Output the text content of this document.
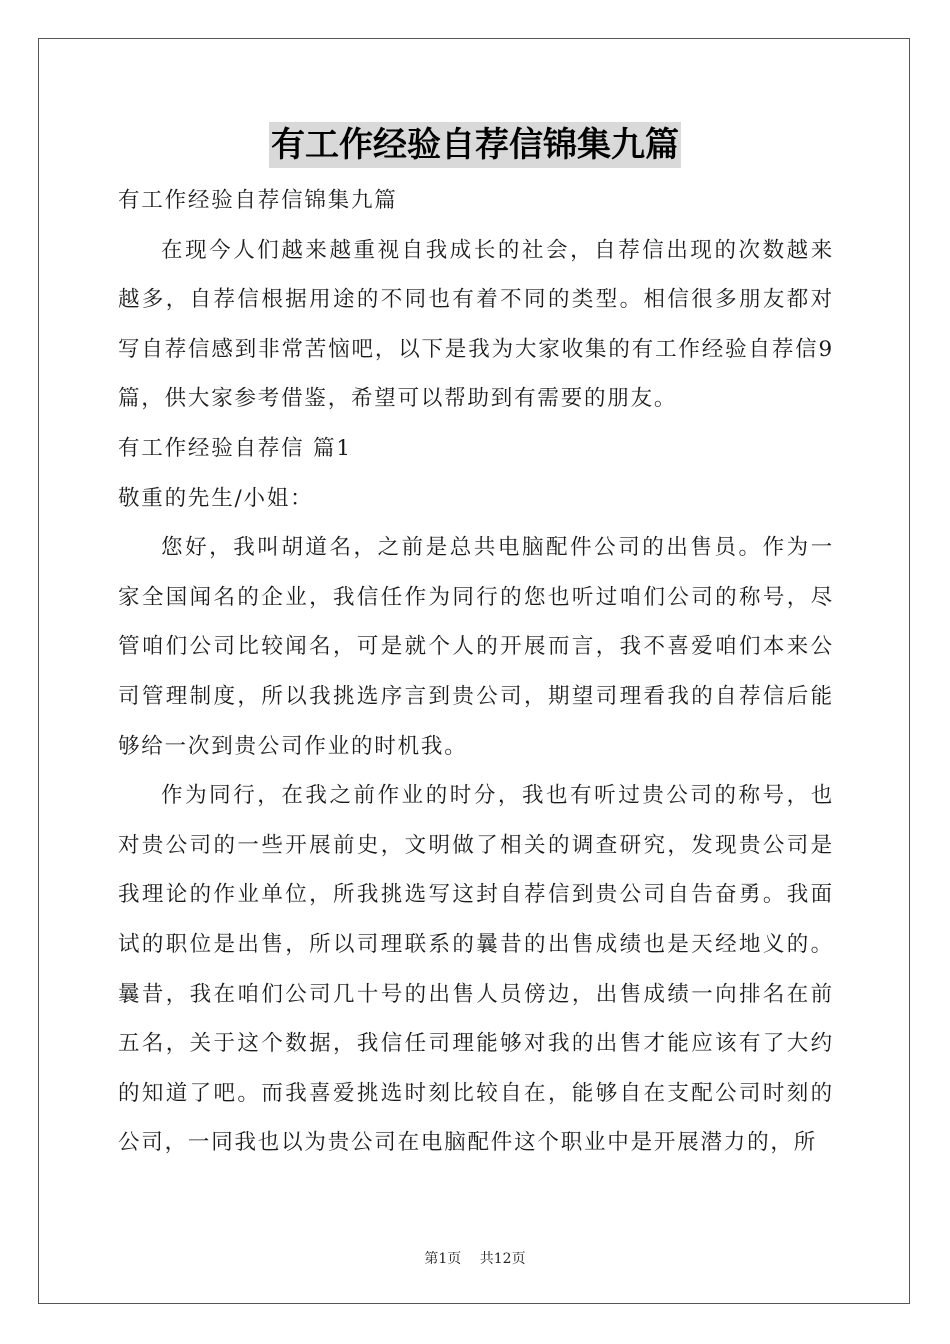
有工作经验自荐信锦集九篇

有工作经验自荐信锦集九篇

在现今人们越来越重视自我成长的社会，自荐信出现的次数越来越多，自荐信根据用途的不同也有着不同的类型。相信很多朋友都对写自荐信感到非常苦恼吧，以下是我为大家收集的有工作经验自荐信9篇，供大家参考借鉴，希望可以帮助到有需要的朋友。

有工作经验自荐信 篇1

敬重的先生/小姐：

您好，我叫胡道名，之前是总共电脑配件公司的出售员。作为一家全国闻名的企业，我信任作为同行的您也听过咱们公司的称号，尽管咱们公司比较闻名，可是就个人的开展而言，我不喜爱咱们本来公司管理制度，所以我挑选序言到贵公司，期望司理看我的自荐信后能够给一次到贵公司作业的时机我。

作为同行，在我之前作业的时分，我也有听过贵公司的称号，也对贵公司的一些开展前史，文明做了相关的调查研究，发现贵公司是我理论的作业单位，所我挑选写这封自荐信到贵公司自告奋勇。我面试的职位是出售，所以司理联系的曩昔的出售成绩也是天经地义的。曩昔，我在咱们公司几十号的出售人员傍边，出售成绩一向排名在前五名，关于这个数据，我信任司理能够对我的出售才能应该有了大约的知道了吧。而我喜爱挑选时刻比较自在，能够自在支配公司时刻的公司，一同我也以为贵公司在电脑配件这个职业中是开展潜力的，所

第1页 共12页
